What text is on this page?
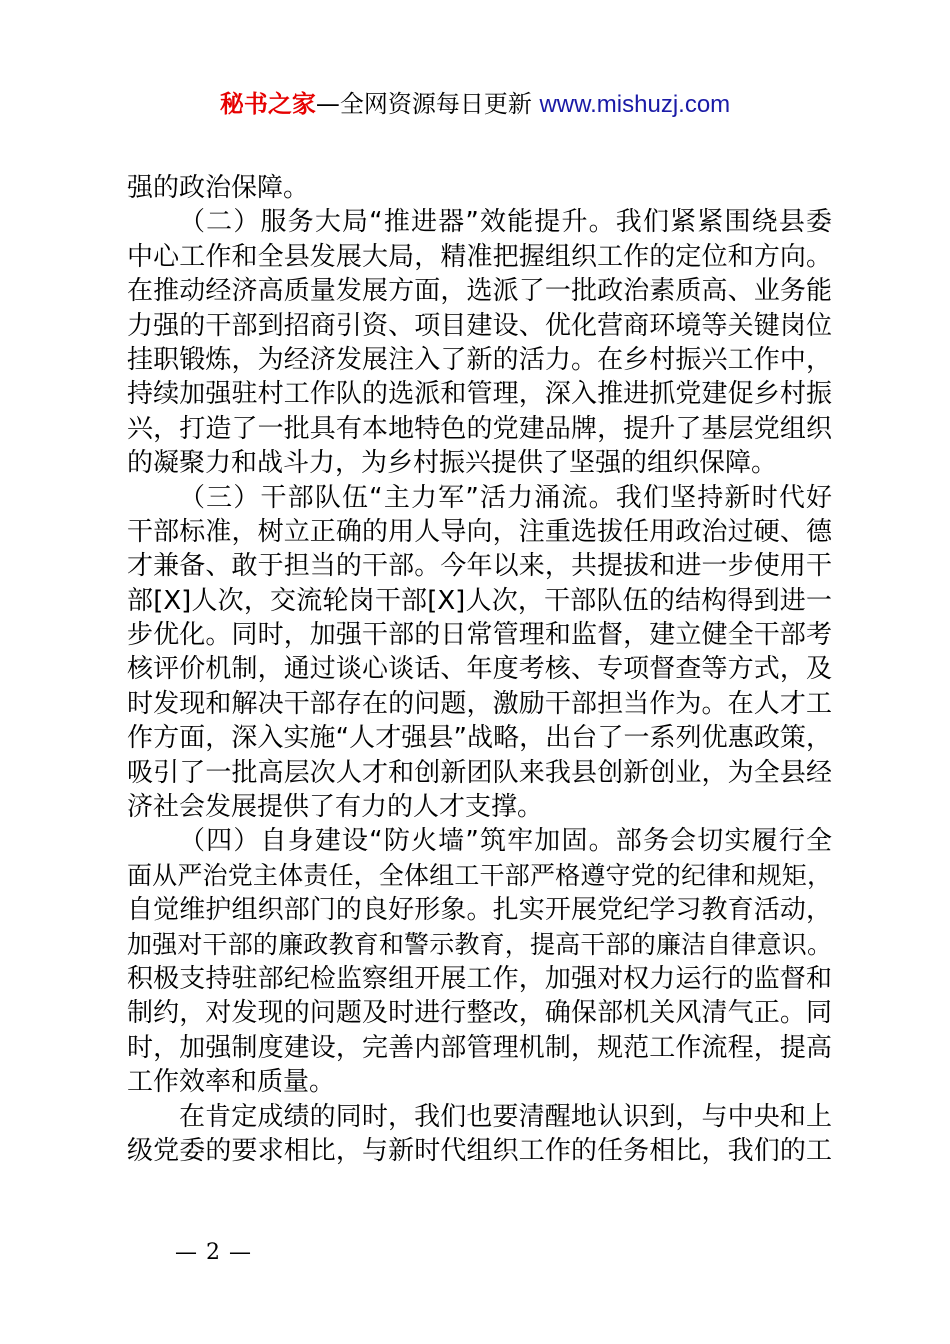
秘书之家—全网资源每日更新 www.mishuzj.com
强的政治保障。
（二）服务大局“推进器”效能提升。我们紧紧围绕县委
中心工作和全县发展大局，精准把握组织工作的定位和方向。
在推动经济高质量发展方面，选派了一批政治素质高、业务能
力强的干部到招商引资、项目建设、优化营商环境等关键岗位
挂职锻炼，为经济发展注入了新的活力。在乡村振兴工作中，
持续加强驻村工作队的选派和管理，深入推进抓党建促乡村振
兴，打造了一批具有本地特色的党建品牌，提升了基层党组织
的凝聚力和战斗力，为乡村振兴提供了坚强的组织保障。
（三）干部队伍“主力军”活力涌流。我们坚持新时代好
干部标准，树立正确的用人导向，注重选拔任用政治过硬、德
才兼备、敢于担当的干部。今年以来，共提拔和进一步使用干
部[X]人次，交流轮岗干部[X]人次，干部队伍的结构得到进一
步优化。同时，加强干部的日常管理和监督，建立健全干部考
核评价机制，通过谈心谈话、年度考核、专项督查等方式，及
时发现和解决干部存在的问题，激励干部担当作为。在人才工
作方面，深入实施“人才强县”战略，出台了一系列优惠政策，
吸引了一批高层次人才和创新团队来我县创新创业，为全县经
济社会发展提供了有力的人才支撑。
（四）自身建设“防火墙”筑牢加固。部务会切实履行全
面从严治党主体责任，全体组工干部严格遵守党的纪律和规矩，
自觉维护组织部门的良好形象。扎实开展党纪学习教育活动，
加强对干部的廉政教育和警示教育，提高干部的廉洁自律意识。
积极支持驻部纪检监察组开展工作，加强对权力运行的监督和
制约，对发现的问题及时进行整改，确保部机关风清气正。同
时，加强制度建设，完善内部管理机制，规范工作流程，提高
工作效率和质量。
在肯定成绩的同时，我们也要清醒地认识到，与中央和上
级党委的要求相比，与新时代组织工作的任务相比，我们的工
— 2 —
